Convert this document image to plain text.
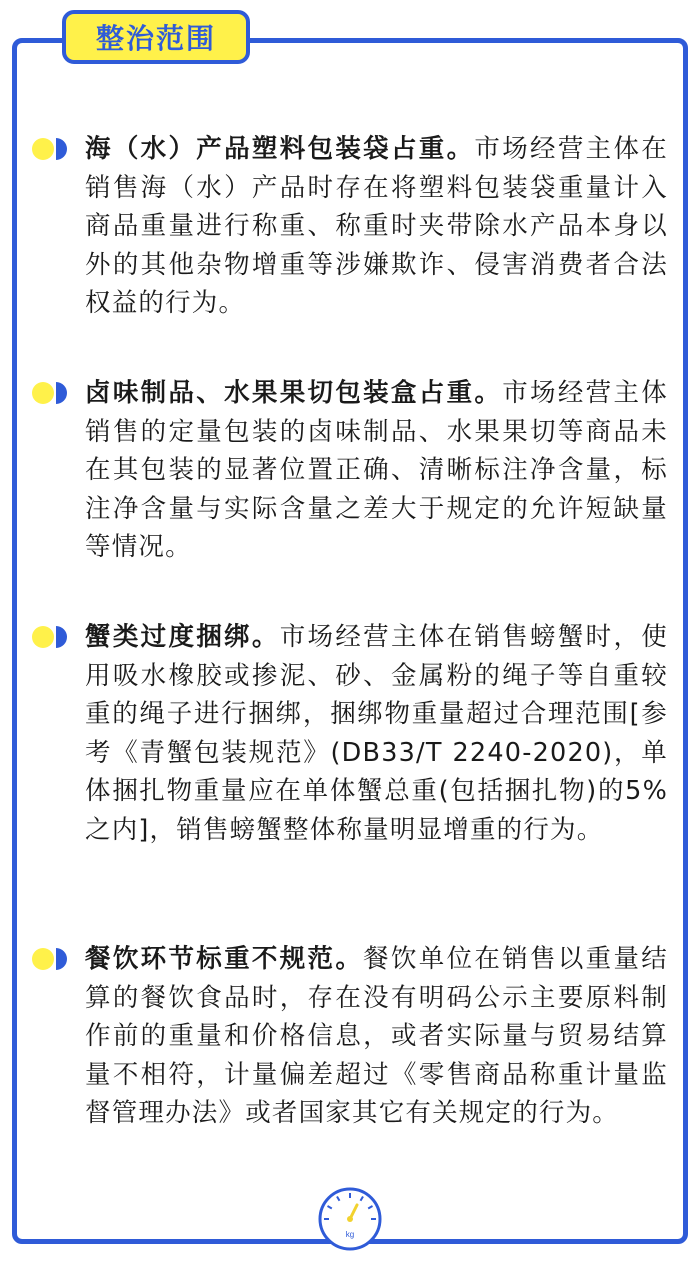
整治范围

海（水）产品塑料包装袋占重。市场经营主体在销售海（水）产品时存在将塑料包装袋重量计入商品重量进行称重、称重时夹带除水产品本身以外的其他杂物增重等涉嫌欺诈、侵害消费者合法权益的行为。

卤味制品、水果果切包装盒占重。市场经营主体销售的定量包装的卤味制品、水果果切等商品未在其包装的显著位置正确、清晰标注净含量，标注净含量与实际含量之差大于规定的允许短缺量等情况。

蟹类过度捆绑。市场经营主体在销售螃蟹时，使用吸水橡胶或掺泥、砂、金属粉的绳子等自重较重的绳子进行捆绑，捆绑物重量超过合理范围[参考《青蟹包装规范》(DB33/T 2240-2020)，单体捆扎物重量应在单体蟹总重(包括捆扎物)的5%之内]，销售螃蟹整体称量明显增重的行为。

餐饮环节标重不规范。餐饮单位在销售以重量结算的餐饮食品时，存在没有明码公示主要原料制作前的重量和价格信息，或者实际量与贸易结算量不相符，计量偏差超过《零售商品称重计量监督管理办法》或者国家其它有关规定的行为。

kg
